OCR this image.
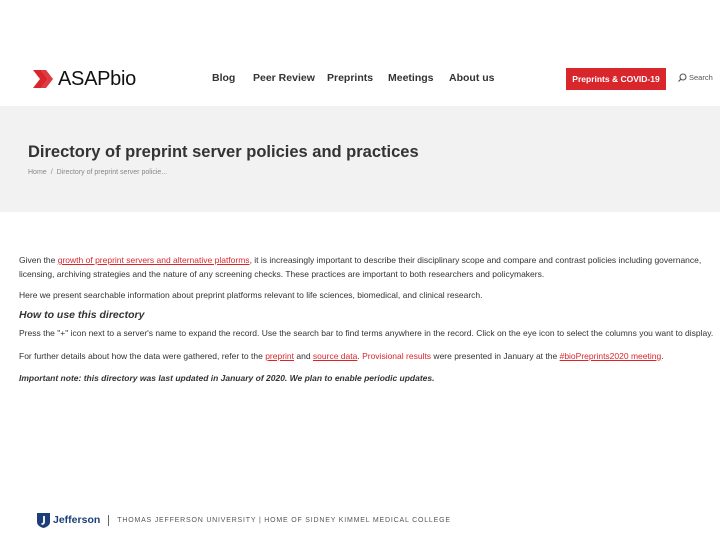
ASAPbio	Blog Peer Review Preprints Meetings About us	Preprints & COVID-19	Search
Directory of preprint server policies and practices
Home / Directory of preprint server policie...

Given the growth of preprint servers and alternative platforms, it is increasingly important to describe their disciplinary scope and compare and contrast policies including governance,
licensing, archiving strategies and the nature of any screening checks. These practices are important to both researchers and policymakers.

Here we present searchable information about preprint platforms relevant to life sciences, biomedical, and clinical research.

How to use this directory

Press the "+" icon next to a server's name to expand the record. Use the search bar to find terms anywhere in the record. Click on the eye icon to select the columns you want to display.

For further details about how the data were gathered, refer to the preprint and source data. Provisional results were presented in January at the #bioPreprints2020 meeting.

Important note: this directory was last updated in January of 2020. We plan to enable periodic updates.

Jefferson THOMAS JEFFERSON UNIVERSITY | HOME OF SIDNEY KIMMEL MEDICAL COLLEGE
